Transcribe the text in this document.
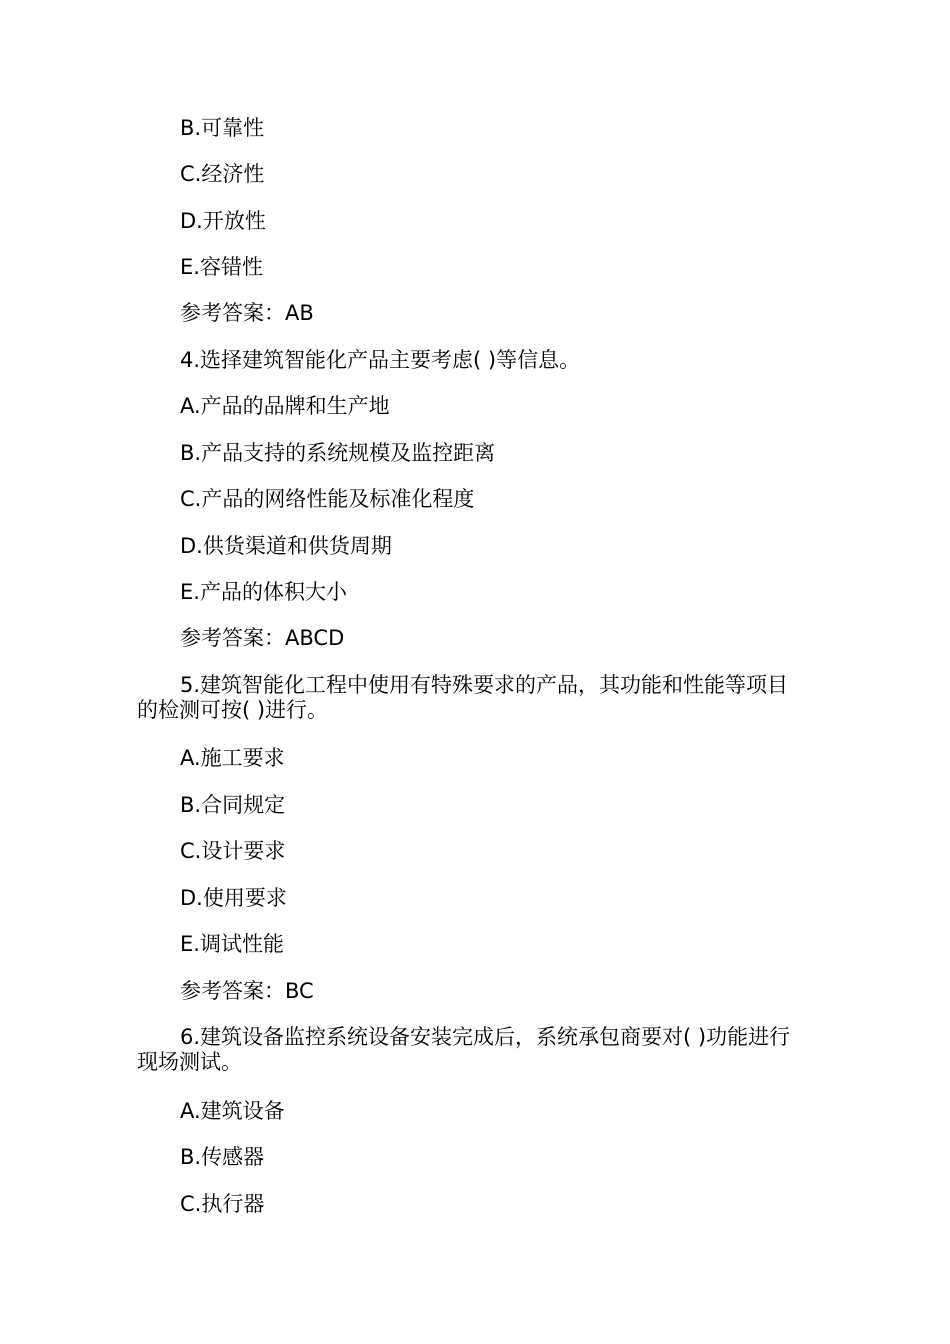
B.可靠性
C.经济性
D.开放性
E.容错性
参考答案：AB
4.选择建筑智能化产品主要考虑( )等信息。
A.产品的品牌和生产地
B.产品支持的系统规模及监控距离
C.产品的网络性能及标准化程度
D.供货渠道和供货周期
E.产品的体积大小
参考答案：ABCD
5.建筑智能化工程中使用有特殊要求的产品，其功能和性能等项目的检测可按( )进行。
A.施工要求
B.合同规定
C.设计要求
D.使用要求
E.调试性能
参考答案：BC
6.建筑设备监控系统设备安装完成后，系统承包商要对( )功能进行现场测试。
A.建筑设备
B.传感器
C.执行器
